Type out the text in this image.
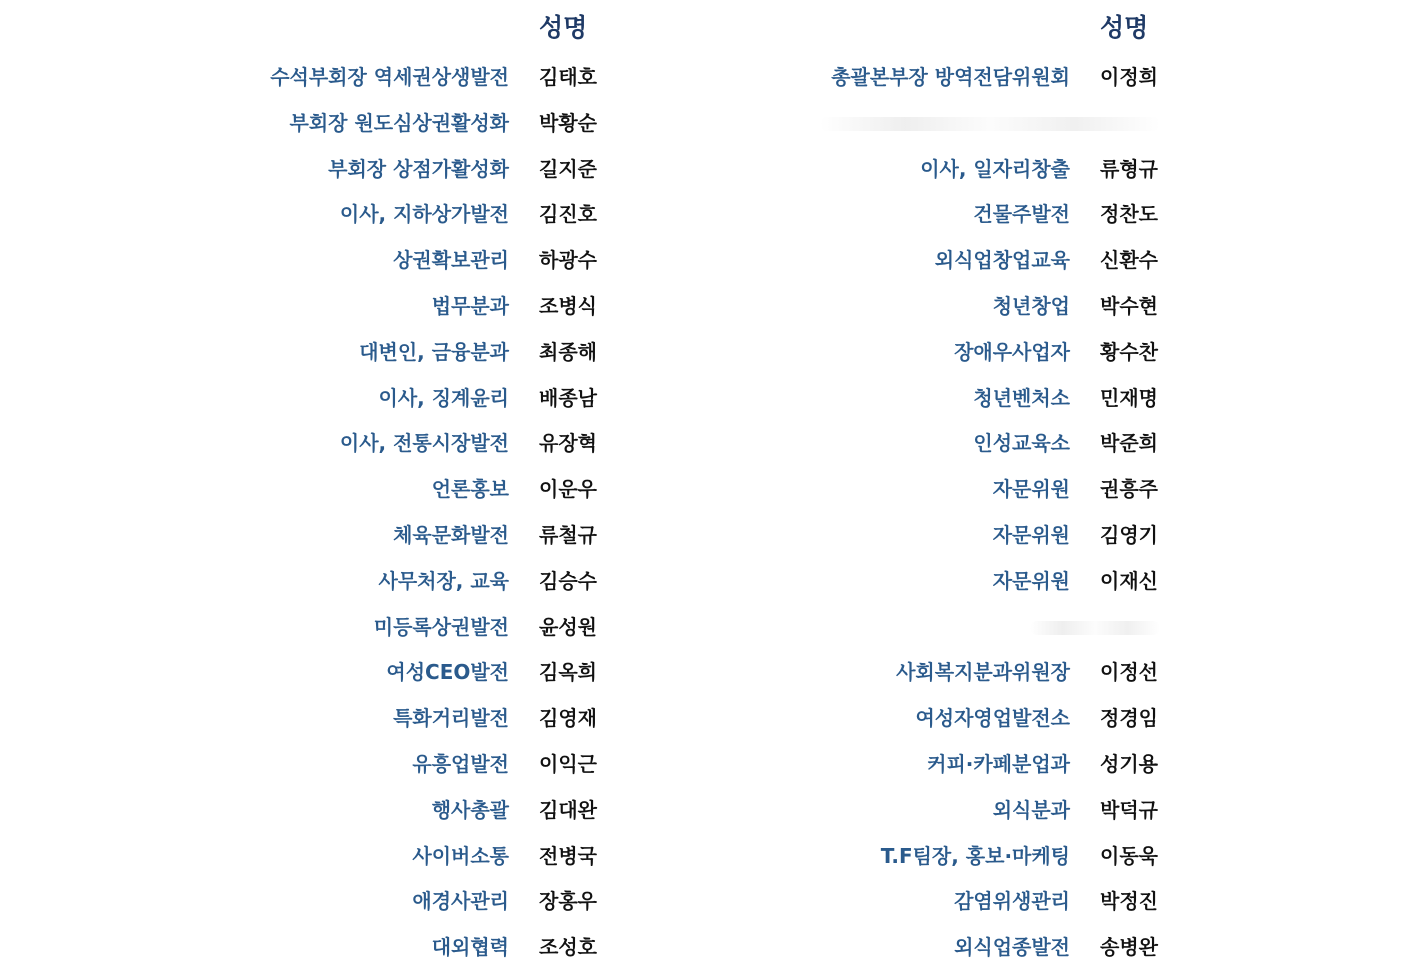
성명
수석부회장 역세권상생발전 김태호
부회장 원도심상권활성화 박황순
부회장 상점가활성화 길지준
이사, 지하상가발전 김진호
상권확보관리 하광수
법무분과 조병식
대변인, 금융분과 최종해
이사, 징계윤리 배종남
이사, 전통시장발전 유장혁
언론홍보 이운우
체육문화발전 류철규
사무처장, 교육 김승수
미등록상권발전 윤성원
여성CEO발전 김옥희
특화거리발전 김영재
유흥업발전 이익근
행사총괄 김대완
사이버소통 전병국
애경사관리 장홍우
대외협력 조성호
성명
총괄본부장 방역전담위원회 이정희
이사, 일자리창출 류형규
건물주발전 정찬도
외식업창업교육 신환수
청년창업 박수현
장애우사업자 황수찬
청년벤처소 민재명
인성교육소 박준희
자문위원 권흥주
자문위원 김영기
자문위원 이재신
사회복지분과위원장 이정선
여성자영업발전소 정경임
커피·카페분업과 성기용
외식분과 박덕규
T.F팀장, 홍보·마케팅 이동욱
감염위생관리 박정진
외식업종발전 송병완
